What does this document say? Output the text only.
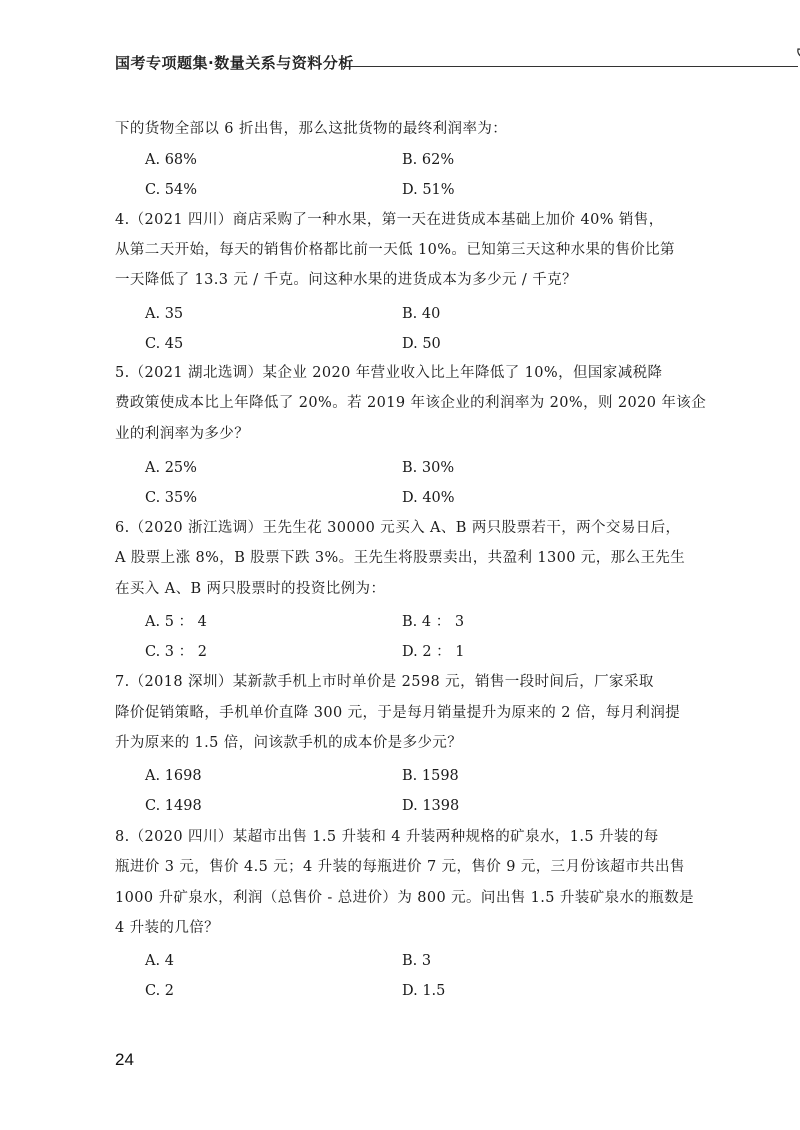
国考专项题集·数量关系与资料分析
下的货物全部以 6 折出售，那么这批货物的最终利润率为：
4.（2021 四川）商店采购了一种水果，第一天在进货成本基础上加价 40% 销售，
从第二天开始，每天的销售价格都比前一天低 10%。已知第三天这种水果的售价比第
一天降低了 13.3 元 / 千克。问这种水果的进货成本为多少元 / 千克？
5.（2021 湖北选调）某企业 2020 年营业收入比上年降低了 10%，但国家减税降
费政策使成本比上年降低了 20%。若 2019 年该企业的利润率为 20%，则 2020 年该企
业的利润率为多少？
6.（2020 浙江选调）王先生花 30000 元买入 A、B 两只股票若干，两个交易日后，
A 股票上涨 8%，B 股票下跌 3%。王先生将股票卖出，共盈利 1300 元，那么王先生
在买入 A、B 两只股票时的投资比例为：
7.（2018 深圳）某新款手机上市时单价是 2598 元，销售一段时间后，厂家采取
降价促销策略，手机单价直降 300 元，于是每月销量提升为原来的 2 倍，每月利润提
升为原来的 1.5 倍，问该款手机的成本价是多少元？
8.（2020 四川）某超市出售 1.5 升装和 4 升装两种规格的矿泉水，1.5 升装的每
瓶进价 3 元，售价 4.5 元；4 升装的每瓶进价 7 元，售价 9 元，三月份该超市共出售
1000 升矿泉水，利润（总售价 - 总进价）为 800 元。问出售 1.5 升装矿泉水的瓶数是
4 升装的几倍？
A. 68%	B. 62%
C. 54%	D. 51%
A. 35	B. 40
C. 45	D. 50
A. 25%	B. 30%
C. 35%	D. 40%
A. 5 ： 4	B. 4 ： 3
C. 3 ： 2	D. 2 ： 1
A. 1698	B. 1598
C. 1498	D. 1398
A. 4	B. 3
C. 2	D. 1.5
24
